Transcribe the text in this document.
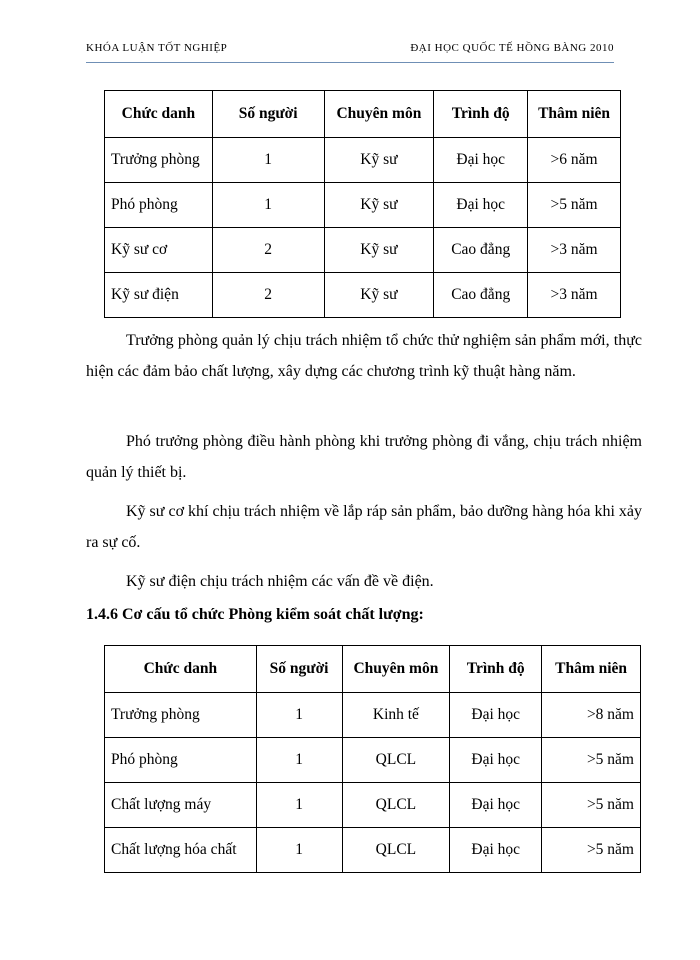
KHÓA LUẬN TỐT NGHIỆP	ĐẠI HỌC QUỐC TẾ HỒNG BÀNG 2010
Chức danh	Số người	Chuyên môn	Trình độ	Thâm niên
Trưởng phòng	1	Kỹ sư	Đại học	>6 năm
Phó phòng	1	Kỹ sư	Đại học	>5 năm
Kỹ sư cơ	2	Kỹ sư	Cao đẳng	>3 năm
Kỹ sư điện	2	Kỹ sư	Cao đẳng	>3 năm

Trưởng phòng quản lý chịu trách nhiệm tổ chức thử nghiệm sản phẩm mới, thực hiện các đảm bảo chất lượng, xây dựng các chương trình kỹ thuật hàng năm.

Phó trưởng phòng điều hành phòng khi trưởng phòng đi vắng, chịu trách nhiệm quản lý thiết bị.

Kỹ sư cơ khí chịu trách nhiệm về lắp ráp sản phẩm, bảo dưỡng hàng hóa khi xảy ra sự cố.

Kỹ sư điện chịu trách nhiệm các vấn đề về điện.

1.4.6 Cơ cấu tổ chức Phòng kiểm soát chất lượng:

Chức danh	Số người	Chuyên môn	Trình độ	Thâm niên
Trưởng phòng	1	Kinh tế	Đại học	>8 năm
Phó phòng	1	QLCL	Đại học	>5 năm
Chất lượng máy	1	QLCL	Đại học	>5 năm
Chất lượng hóa chất	1	QLCL	Đại học	>5 năm
